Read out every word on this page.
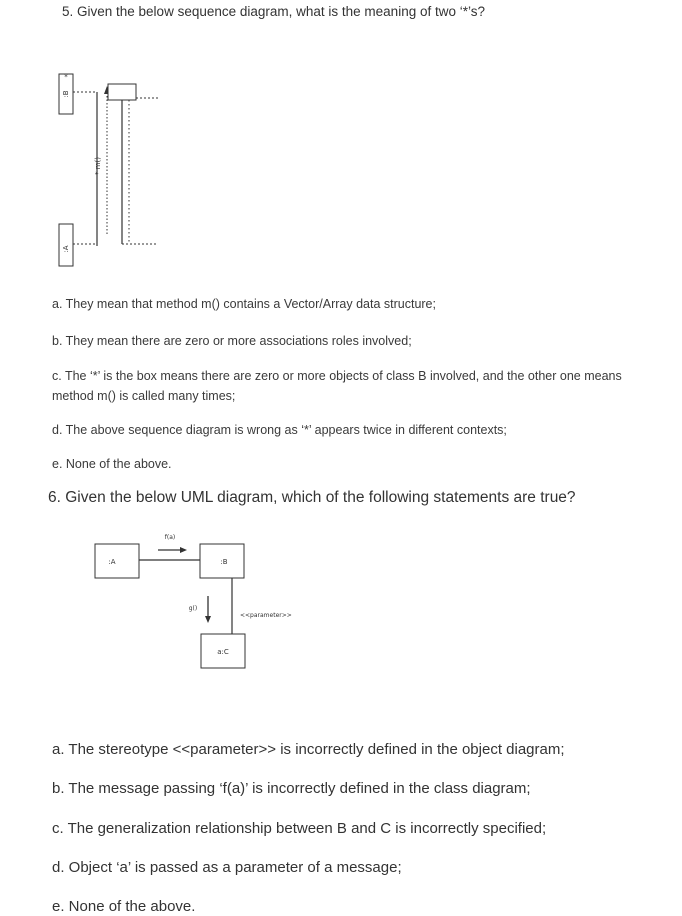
5. Given the below sequence diagram, what is the meaning of two ‘*’s?
*
:B
:A
* m()
a. They mean that method m() contains a Vector/Array data structure;
b. They mean there are zero or more associations roles involved;
c. The ‘*’ is the box means there are zero or more objects of class B involved, and the other one means
method m() is called many times;
d. The above sequence diagram is wrong as ‘*’ appears twice in different contexts;
e. None of the above.
6. Given the below UML diagram, which of the following statements are true?
:A	:B
f(a)
a:C
g()
<<parameter>>
a. The stereotype <<parameter>> is incorrectly defined in the object diagram;
b. The message passing ‘f(a)’ is incorrectly defined in the class diagram;
c. The generalization relationship between B and C is incorrectly specified;
d. Object ‘a’ is passed as a parameter of a message;
e. None of the above.
